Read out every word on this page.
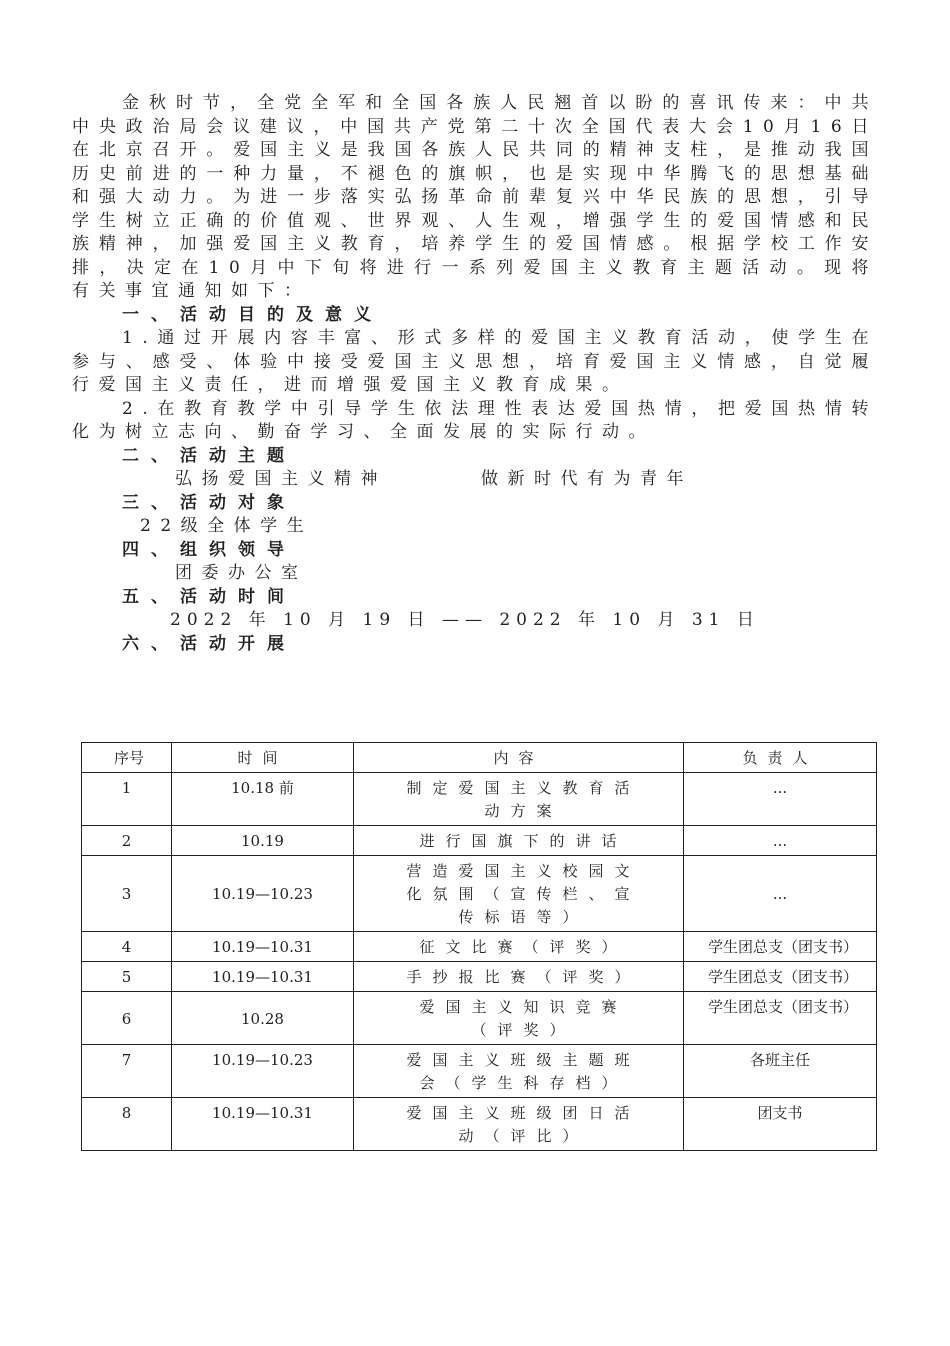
金秋时节，全党全军和全国各族人民翘首以盼的喜讯传来：中共中央政治局会议建议，中国共产党第二十次全国代表大会10月16日在北京召开。爱国主义是我国各族人民共同的精神支柱，是推动我国历史前进的一种力量，不褪色的旗帜，也是实现中华腾飞的思想基础和强大动力。为进一步落实弘扬革命前辈复兴中华民族的思想，引导学生树立正确的价值观、世界观、人生观，增强学生的爱国情感和民族精神，加强爱国主义教育，培养学生的爱国情感。根据学校工作安排，决定在10月中下旬将进行一系列爱国主义教育主题活动。现将有关事宜通知如下：

一、活动目的及意义

1.通过开展内容丰富、形式多样的爱国主义教育活动，使学生在参与、感受、体验中接受爱国主义思想，培育爱国主义情感，自觉履行爱国主义责任，进而增强爱国主义教育成果。

2.在教育教学中引导学生依法理性表达爱国热情，把爱国热情转化为树立志向、勤奋学习、全面发展的实际行动。

二、活动主题

弘扬爱国主义精神	做新时代有为青年

三、活动对象

22级全体学生

四、组织领导

团委办公室

五、活动时间

2022 年 10 月 19 日 —— 2022 年 10 月 31 日

六、活动开展

序号	时间	内容	负责人
1	10.18 前	制定爱国主义教育活动方案	...
2	10.19	进行国旗下的讲话	...
3	10.19—10.23	营造爱国主义校园文化氛围（宣传栏、宣传标语等）	...
4	10.19—10.31	征文比赛（评奖）	学生团总支（团支书）
5	10.19—10.31	手抄报比赛（评奖）	学生团总支（团支书）
6	10.28	爱国主义知识竞赛（评奖）	学生团总支（团支书）
7	10.19—10.23	爱国主义班级主题班会（学生科存档）	各班主任
8	10.19—10.31	爱国主义班级团日活动（评比）	团支书
